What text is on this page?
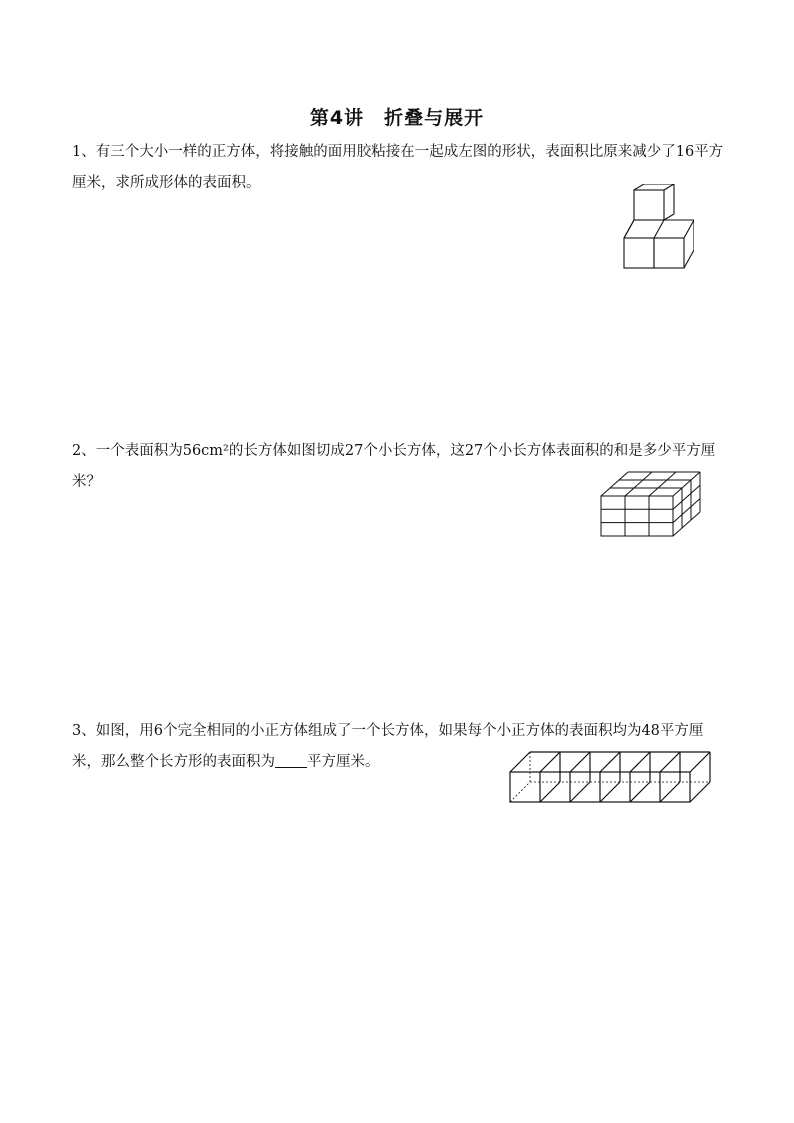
第4讲　折叠与展开
1、有三个大小一样的正方体，将接触的面用胶粘接在一起成左图的形状，表面积比原来减少了16平方厘米，求所成形体的表面积。
2、一个表面积为56cm²的长方体如图切成27个小长方体，这27个小长方体表面积的和是多少平方厘米？
3、如图，用6个完全相同的小正方体组成了一个长方体，如果每个小正方体的表面积均为48平方厘米，那么整个长方形的表面积为 平方厘米。
